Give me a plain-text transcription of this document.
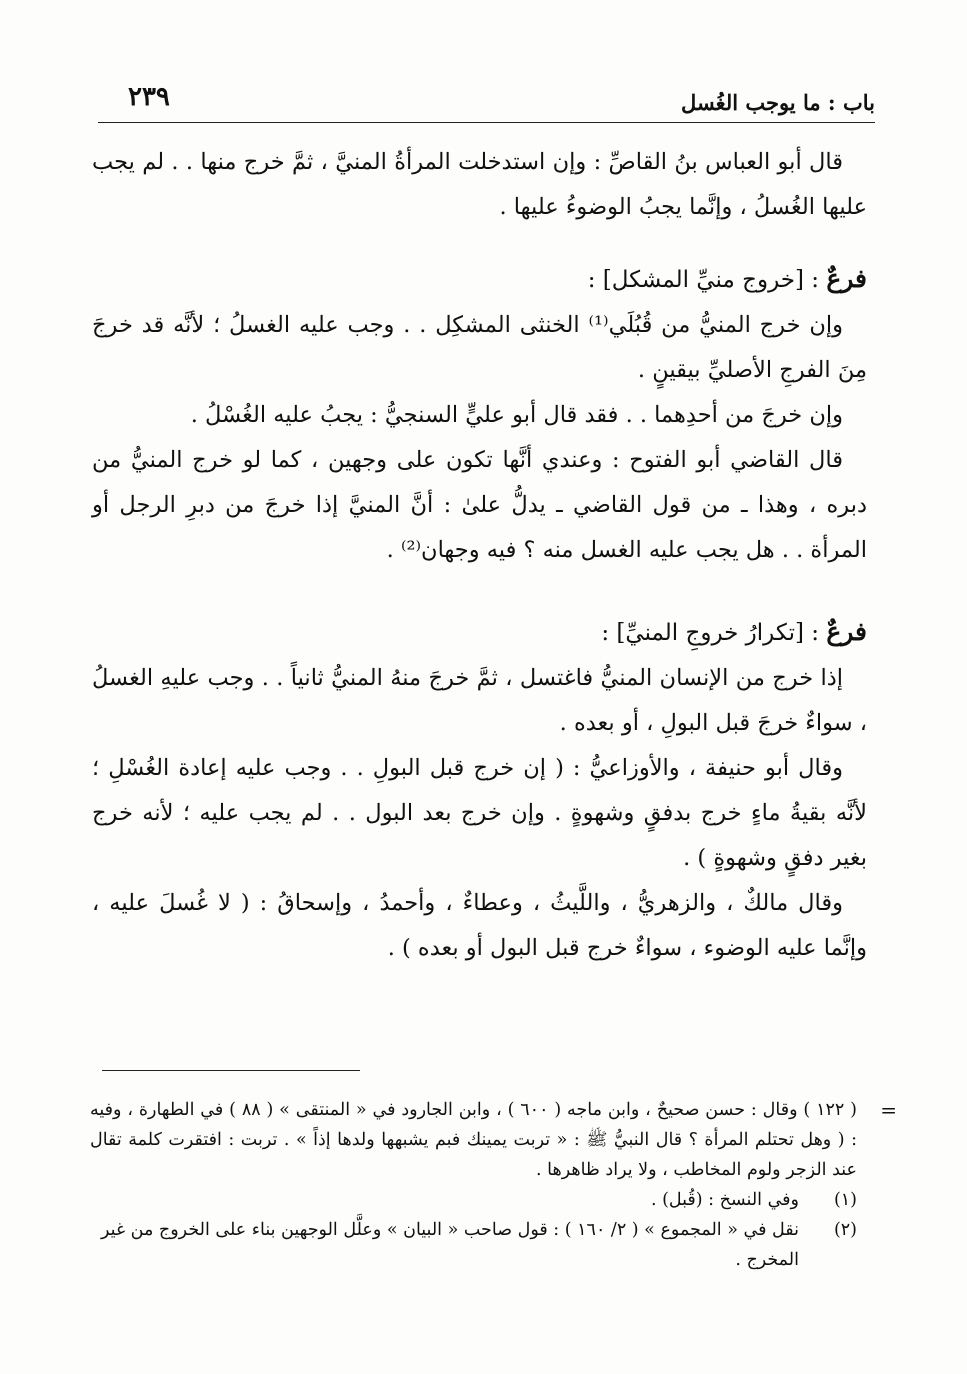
باب : ما يوجب الغُسل
٢٣٩

قال أبو العباس بنُ القاصِّ : وإن استدخلت المرأةُ المنيَّ ، ثمَّ خرج منها . . لم يجب عليها الغُسلُ ، وإنَّما يجبُ الوضوءُ عليها .

فرعٌ : [خروج منيِّ المشكل] :

وإن خرج المنيُّ من قُبُلَي⁽¹⁾ الخنثى المشكِل . . وجب عليه الغسلُ ؛ لأنَّه قد خرجَ مِنَ الفرجِ الأصليِّ بيقينٍ .

وإن خرجَ من أحدِهما . . فقد قال أبو عليٍّ السنجيُّ : يجبُ عليه الغُسْلُ .

قال القاضي أبو الفتوح : وعندي أنَّها تكون على وجهين ، كما لو خرج المنيُّ من دبره ، وهذا ـ من قول القاضي ـ يدلُّ علىٰ : أنَّ المنيَّ إذا خرجَ من دبرِ الرجل أو المرأة . . هل يجب عليه الغسل منه ؟ فيه وجهان⁽²⁾ .

فرعٌ : [تكرارُ خروجِ المنيِّ] :

إذا خرج من الإنسان المنيُّ فاغتسل ، ثمَّ خرجَ منهُ المنيُّ ثانياً . . وجب عليهِ الغسلُ ، سواءٌ خرجَ قبل البولِ ، أو بعده .

وقال أبو حنيفة ، والأوزاعيُّ : ( إن خرج قبل البولِ . . وجب عليه إعادة الغُسْلِ ؛ لأنَّه بقيةُ ماءٍ خرج بدفقٍ وشهوةٍ . وإن خرج بعد البول . . لم يجب عليه ؛ لأنه خرج بغير دفقٍ وشهوةٍ ) .

وقال مالكٌ ، والزهريُّ ، واللَّيثُ ، وعطاءٌ ، وأحمدُ ، وإسحاقُ : ( لا غُسلَ عليه ، وإنَّما عليه الوضوء ، سواءٌ خرج قبل البول أو بعده ) .

=

( ١٢٢ ) وقال : حسن صحيحٌ ، وابن ماجه ( ٦٠٠ ) ، وابن الجارود في « المنتقى » ( ٨٨ ) في الطهارة ، وفيه : ( وهل تحتلم المرأة ؟ قال النبيُّ ﷺ : « تربت يمينك فبم يشبهها ولدها إذاً » . تربت : افتقرت كلمة تقال عند الزجر ولوم المخاطب ، ولا يراد ظاهرها .

(١)
وفي النسخ : (قُبل) .
(٢)
نقل في « المجموع » ( ٢/ ١٦٠ ) : قول صاحب « البيان » وعلَّل الوجهين بناء على الخروج من غير المخرج .
